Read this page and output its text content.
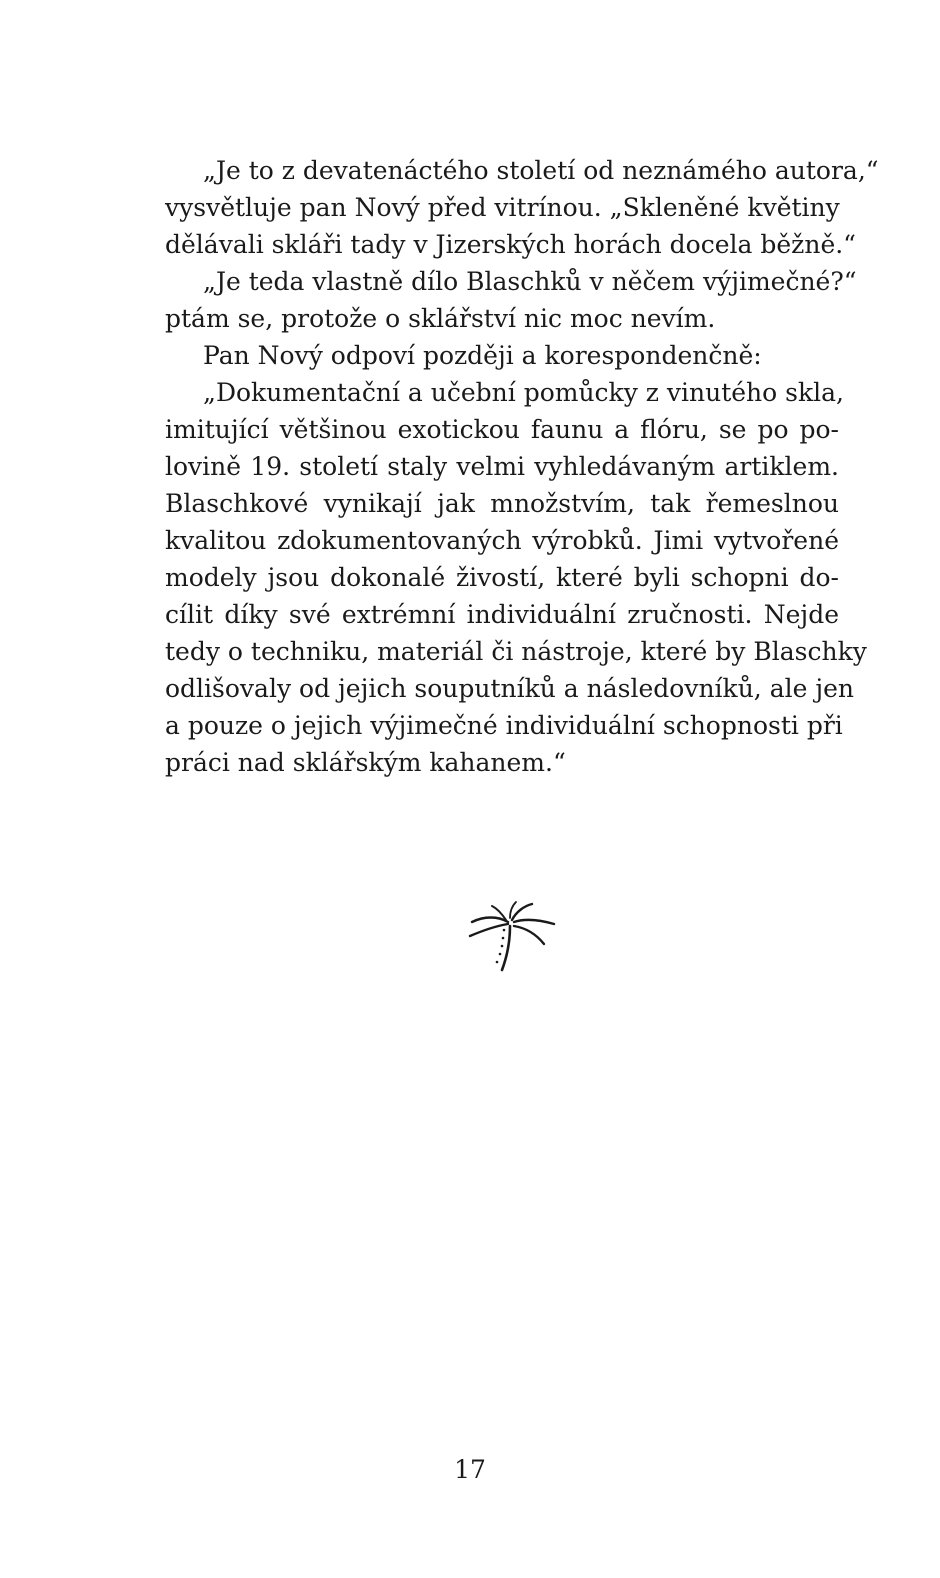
„Je to z devatenáctého století od neznámého autora,“
vysvětluje pan Nový před vitrínou. „Skleněné květiny
dělávali skláři tady v Jizerských horách docela běžně.“
„Je teda vlastně dílo Blaschků v něčem výjimečné?“
ptám se, protože o sklářství nic moc nevím.
Pan Nový odpoví později a korespondenčně:
„Dokumentační a učební pomůcky z vinutého skla,
imitující většinou exotickou faunu a flóru, se po po-
lovině 19. století staly velmi vyhledávaným artiklem.
Blaschkové vynikají jak množstvím, tak řemeslnou
kvalitou zdokumentovaných výrobků. Jimi vytvořené
modely jsou dokonalé živostí, které byli schopni do-
cílit díky své extrémní individuální zručnosti. Nejde
tedy o techniku, materiál či nástroje, které by Blaschky
odlišovaly od jejich souputníků a následovníků, ale jen
a pouze o jejich výjimečné individuální schopnosti při
práci nad sklářským kahanem.“
17
